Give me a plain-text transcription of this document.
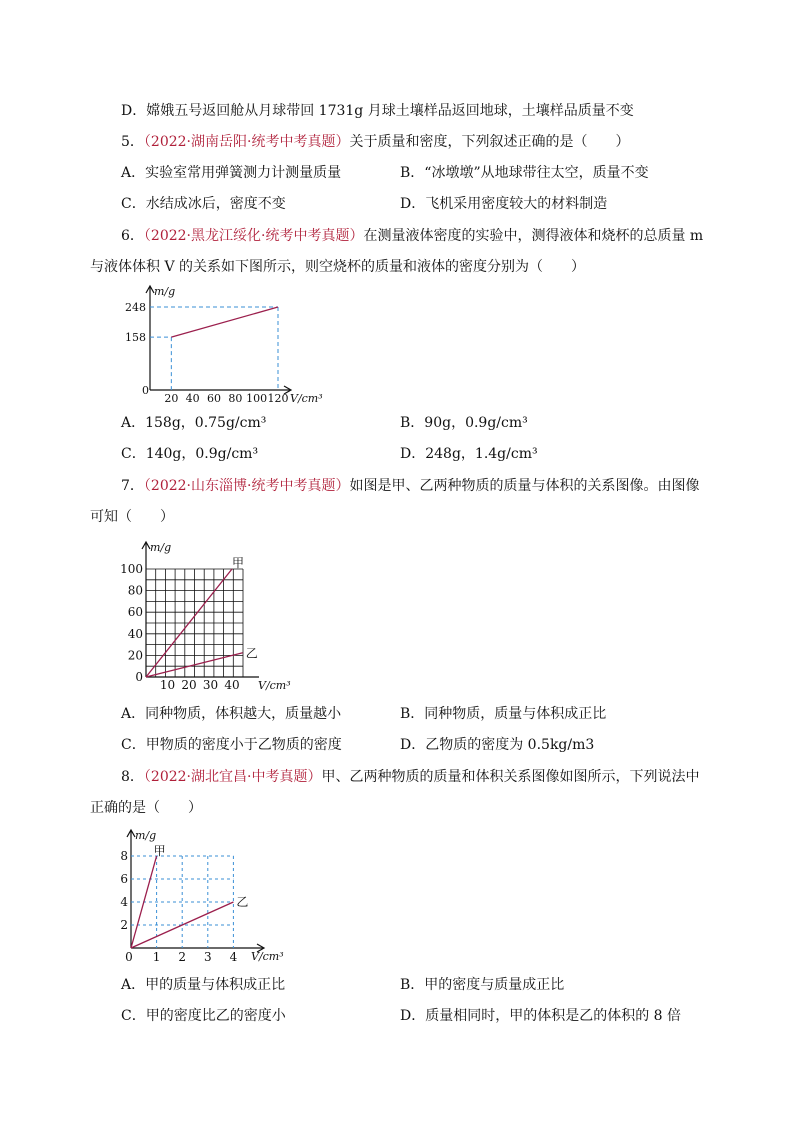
D．嫦娥五号返回舱从月球带回 1731g 月球土壤样品返回地球，土壤样品质量不变
5．（2022·湖南岳阳·统考中考真题）关于质量和密度，下列叙述正确的是（　　）
A．实验室常用弹簧测力计测量质量	B．“冰墩墩”从地球带往太空，质量不变
C．水结成冰后，密度不变	D．飞机采用密度较大的材料制造
6．（2022·黑龙江绥化·统考中考真题）在测量液体密度的实验中，测得液体和烧杯的总质量 m
与液体体积 V 的关系如下图所示，则空烧杯的质量和液体的密度分别为（　　）
m/g
V/cm³
0
20 40 60 80 100 120
158
248
A．158g，0.75g/cm³	B．90g，0.9g/cm³
C．140g，0.9g/cm³	D．248g，1.4g/cm³
7．（2022·山东淄博·统考中考真题）如图是甲、乙两种物质的质量与体积的关系图像。由图像
可知（　　）
m/g
V/cm³
10 20 30 40
0
20
40
60
80
100	甲
乙
A．同种物质，体积越大，质量越小	B．同种物质，质量与体积成正比
C．甲物质的密度小于乙物质的密度	D．乙物质的密度为 0.5kg/m3
8．（2022·湖北宜昌·中考真题）甲、乙两种物质的质量和体积关系图像如图所示，下列说法中
正确的是（　　）
m/g
V/cm³
0 1 2 3 4
2
4
6
8 甲
乙
A．甲的质量与体积成正比	B．甲的密度与质量成正比
C．甲的密度比乙的密度小	D．质量相同时，甲的体积是乙的体积的 8 倍
